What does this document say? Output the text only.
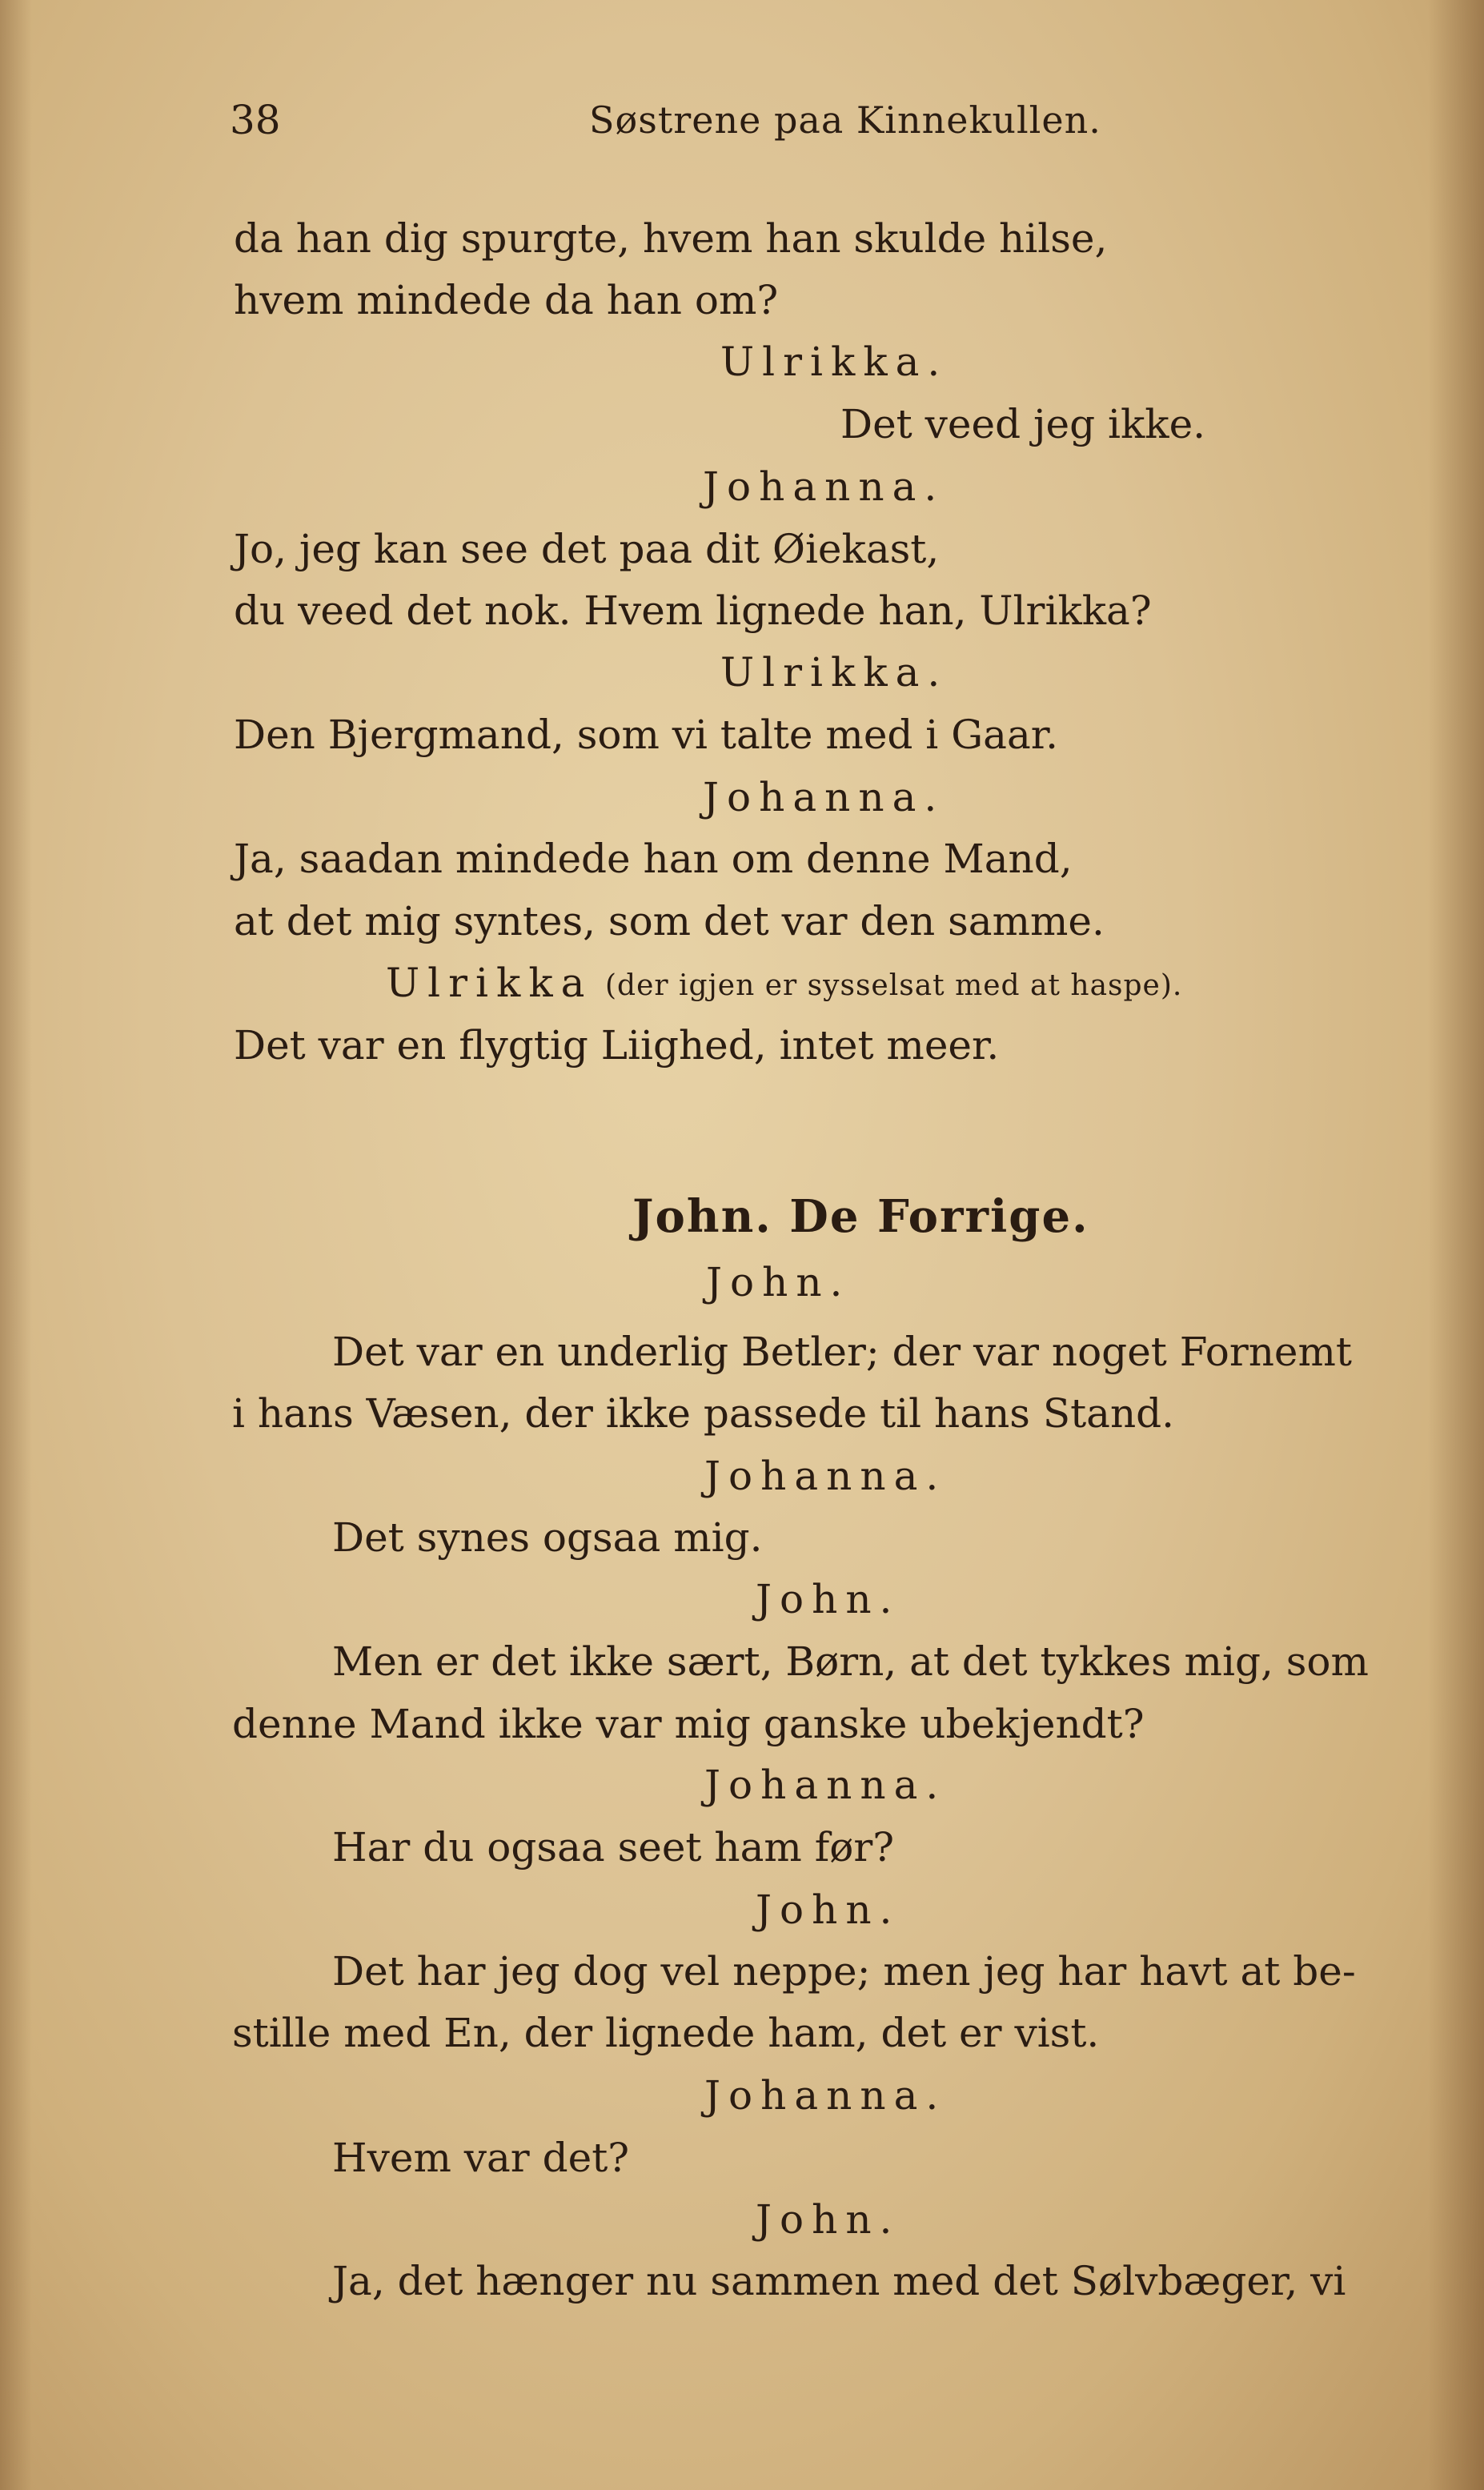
38	Søstrene paa Kinnekullen.
da han dig spurgte, hvem han skulde hilse,
hvem mindede da han om?
Ulrikka.
Det veed jeg ikke.
Johanna.
Jo, jeg kan see det paa dit Øiekast,
du veed det nok. Hvem lignede han, Ulrikka?
Ulrikka.
Den Bjergmand, som vi talte med i Gaar.
Johanna.
Ja, saadan mindede han om denne Mand,
at det mig syntes, som det var den samme.
Ulrikka (der igjen er sysselsat med at haspe).
Det var en flygtig Liighed, intet meer.
John. De Forrige.
John.
Det var en underlig Betler; der var noget Fornemt
i hans Væsen, der ikke passede til hans Stand.
Johanna.
Det synes ogsaa mig.
John.
Men er det ikke sært, Børn, at det tykkes mig, som
denne Mand ikke var mig ganske ubekjendt?
Johanna.
Har du ogsaa seet ham før?
John.
Det har jeg dog vel neppe; men jeg har havt at be-
stille med En, der lignede ham, det er vist.
Johanna.
Hvem var det?
John.
Ja, det hænger nu sammen med det Sølvbæger, vi
